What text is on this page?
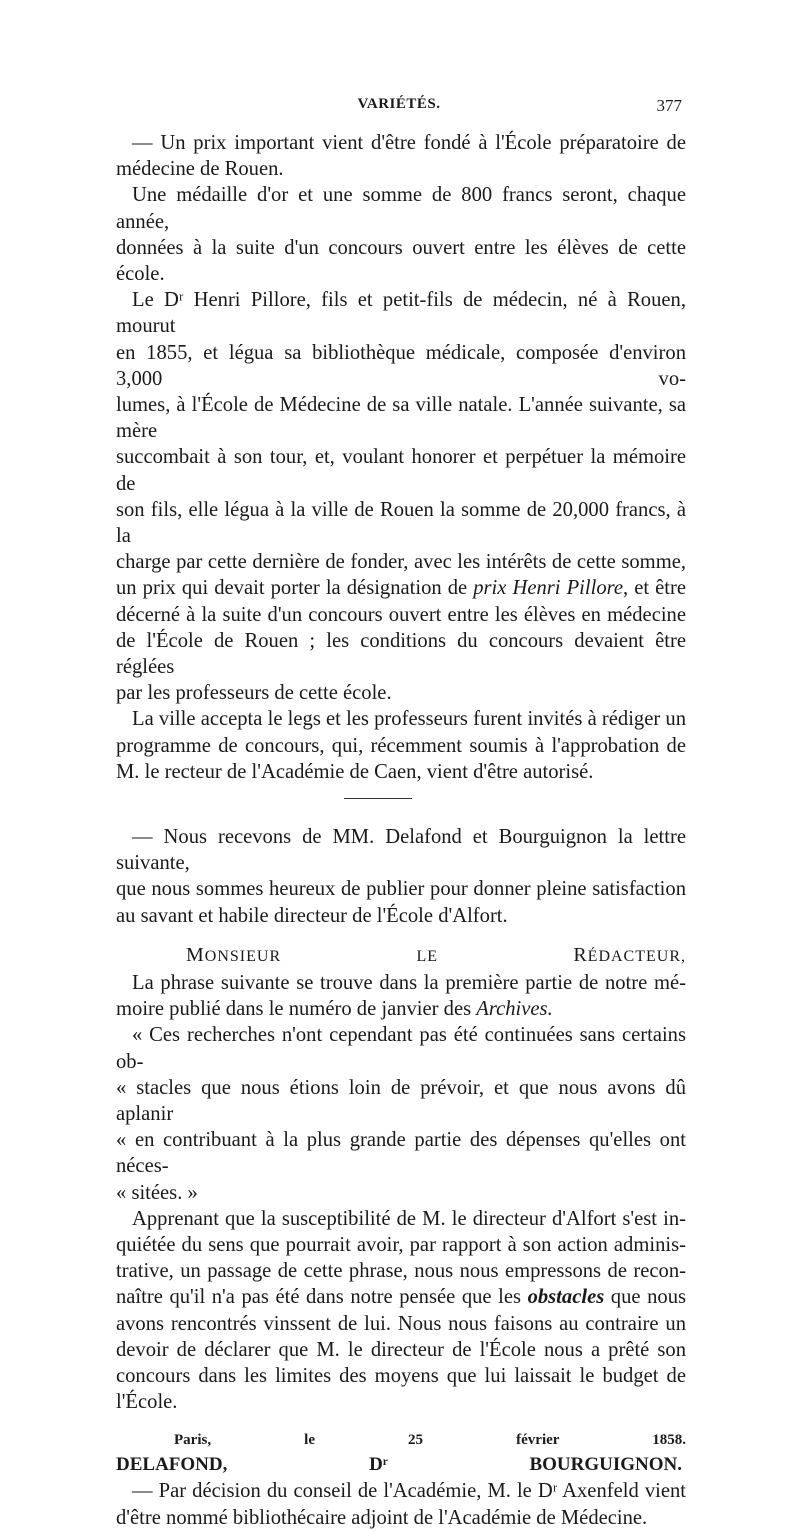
VARIÉTÉS.	377

— Un prix important vient d'être fondé à l'École préparatoire de

médecine de Rouen.

Une médaille d'or et une somme de 800 francs seront, chaque année,

données à la suite d'un concours ouvert entre les élèves de cette école.

Le Dʳ Henri Pillore, fils et petit-fils de médecin, né à Rouen, mourut

en 1855, et légua sa bibliothèque médicale, composée d'environ 3,000 vo-

lumes, à l'École de Médecine de sa ville natale. L'année suivante, sa mère

succombait à son tour, et, voulant honorer et perpétuer la mémoire de

son fils, elle légua à la ville de Rouen la somme de 20,000 francs, à la

charge par cette dernière de fonder, avec les intérêts de cette somme,

un prix qui devait porter la désignation de prix Henri Pillore, et être

décerné à la suite d'un concours ouvert entre les élèves en médecine

de l'École de Rouen ; les conditions du concours devaient être réglées

par les professeurs de cette école.

La ville accepta le legs et les professeurs furent invités à rédiger un

programme de concours, qui, récemment soumis à l'approbation de

M. le recteur de l'Académie de Caen, vient d'être autorisé.

— Nous recevons de MM. Delafond et Bourguignon la lettre suivante,

que nous sommes heureux de publier pour donner pleine satisfaction

au savant et habile directeur de l'École d'Alfort.

MONSIEUR LE RÉDACTEUR,

La phrase suivante se trouve dans la première partie de notre mé-

moire publié dans le numéro de janvier des Archives.

« Ces recherches n'ont cependant pas été continuées sans certains ob-

« stacles que nous étions loin de prévoir, et que nous avons dû aplanir

« en contribuant à la plus grande partie des dépenses qu'elles ont néces-

« sitées. »

Apprenant que la susceptibilité de M. le directeur d'Alfort s'est in-

quiétée du sens que pourrait avoir, par rapport à son action adminis-

trative, un passage de cette phrase, nous nous empressons de recon-

naître qu'il n'a pas été dans notre pensée que les obstacles que nous

avons rencontrés vinssent de lui. Nous nous faisons au contraire un

devoir de déclarer que M. le directeur de l'École nous a prêté son

concours dans les limites des moyens que lui laissait le budget de l'École.

Paris, le 25 février 1858.

DELAFOND, Dʳ BOURGUIGNON.

— Par décision du conseil de l'Académie, M. le Dʳ Axenfeld vient

d'être nommé bibliothécaire adjoint de l'Académie de Médecine.
